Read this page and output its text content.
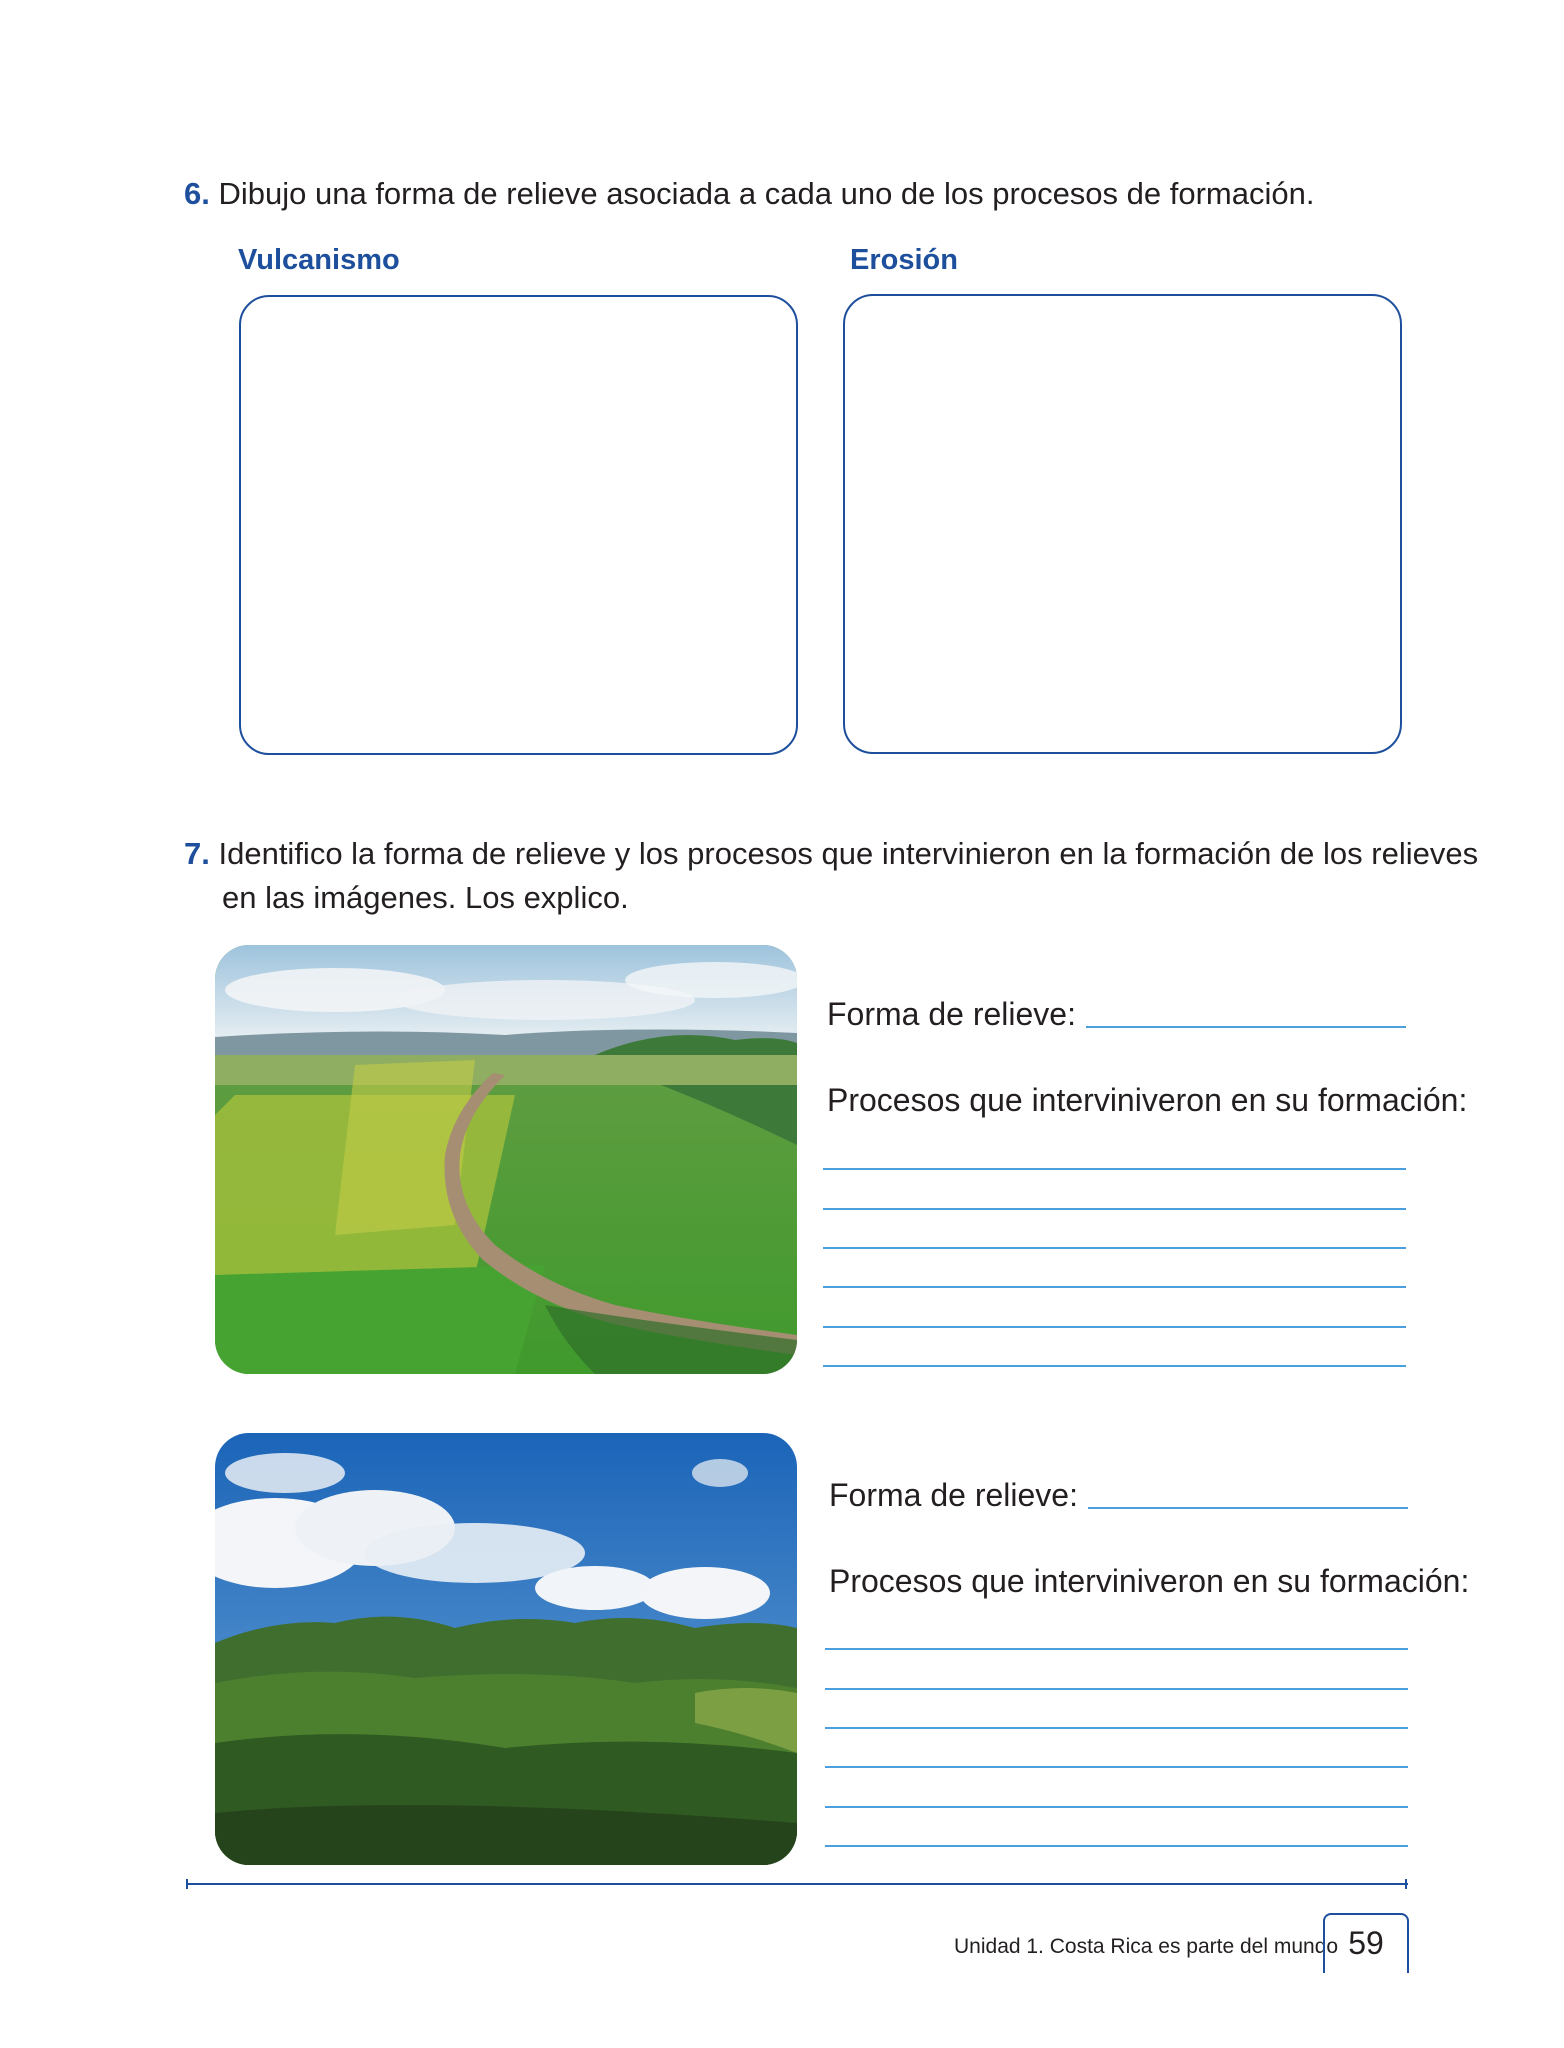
6. Dibujo una forma de relieve asociada a cada uno de los procesos de formación.
Vulcanismo	Erosión
7. Identifico la forma de relieve y los procesos que intervinieron en la formación de los relieves
en las imágenes. Los explico.
Forma de relieve:
Procesos que interviniveron en su formación:
Forma de relieve:
Procesos que interviniveron en su formación:
Unidad 1. Costa Rica es parte del mundo 59
